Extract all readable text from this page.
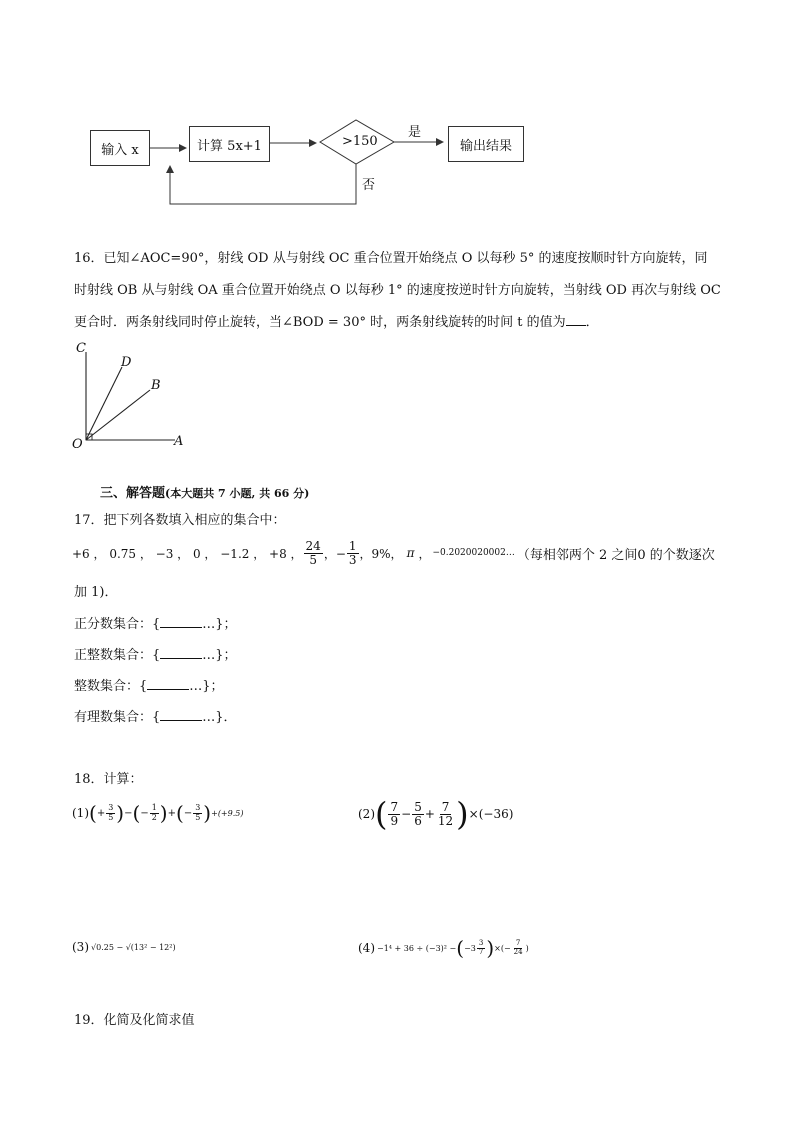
输入 x	计算 5x+1	>150
是
否
输出结果
16．已知∠AOC=90°，射线 OD 从与射线 OC 重合位置开始绕点 O 以每秒 5° 的速度按顺时针方向旋转，同
时射线 OB 从与射线 OA 重合位置开始绕点 O 以每秒 1° 的速度按逆时针方向旋转，当射线 OD 再次与射线 OC
更合时．两条射线同时停止旋转，当∠BOD = 30° 时，两条射线旋转的时间 t 的值为 ．
C
D
B
O	A
三、解答题(本大题共 7 小题, 共 66 分)
17．把下列各数填入相应的集合中：
+6 ， 0.75 ， −3 ， 0 ， −1.2 ， +8 ， $\frac{24}{5}$ ，− $\frac{1}{3}$ ，9%， π ， −0.2020020002… （每相邻两个 2 之间0 的个数逐次
加 1)．
正分数集合：{	…}；
正整数集合：{	…}；
整数集合：{	…}；
有理数集合：{	…}．
18．计算：
(1) ( + $\frac{3}{5}$ ) − ( − $\frac{1}{2}$ ) + ( − $\frac{3}{5}$ ) +(+9.5)	(2) ( $\frac{7}{9} - \frac{5}{6} + \frac{7}{12}$ ) ×(−36)
(3) √0.25 − √(13² − 12²)	(4) −1⁴ + 36 ÷ (−3)² − ( $-3 \frac{3}{7}$ ) ×(− $\frac{7}{24}$ )
19．化简及化简求值
